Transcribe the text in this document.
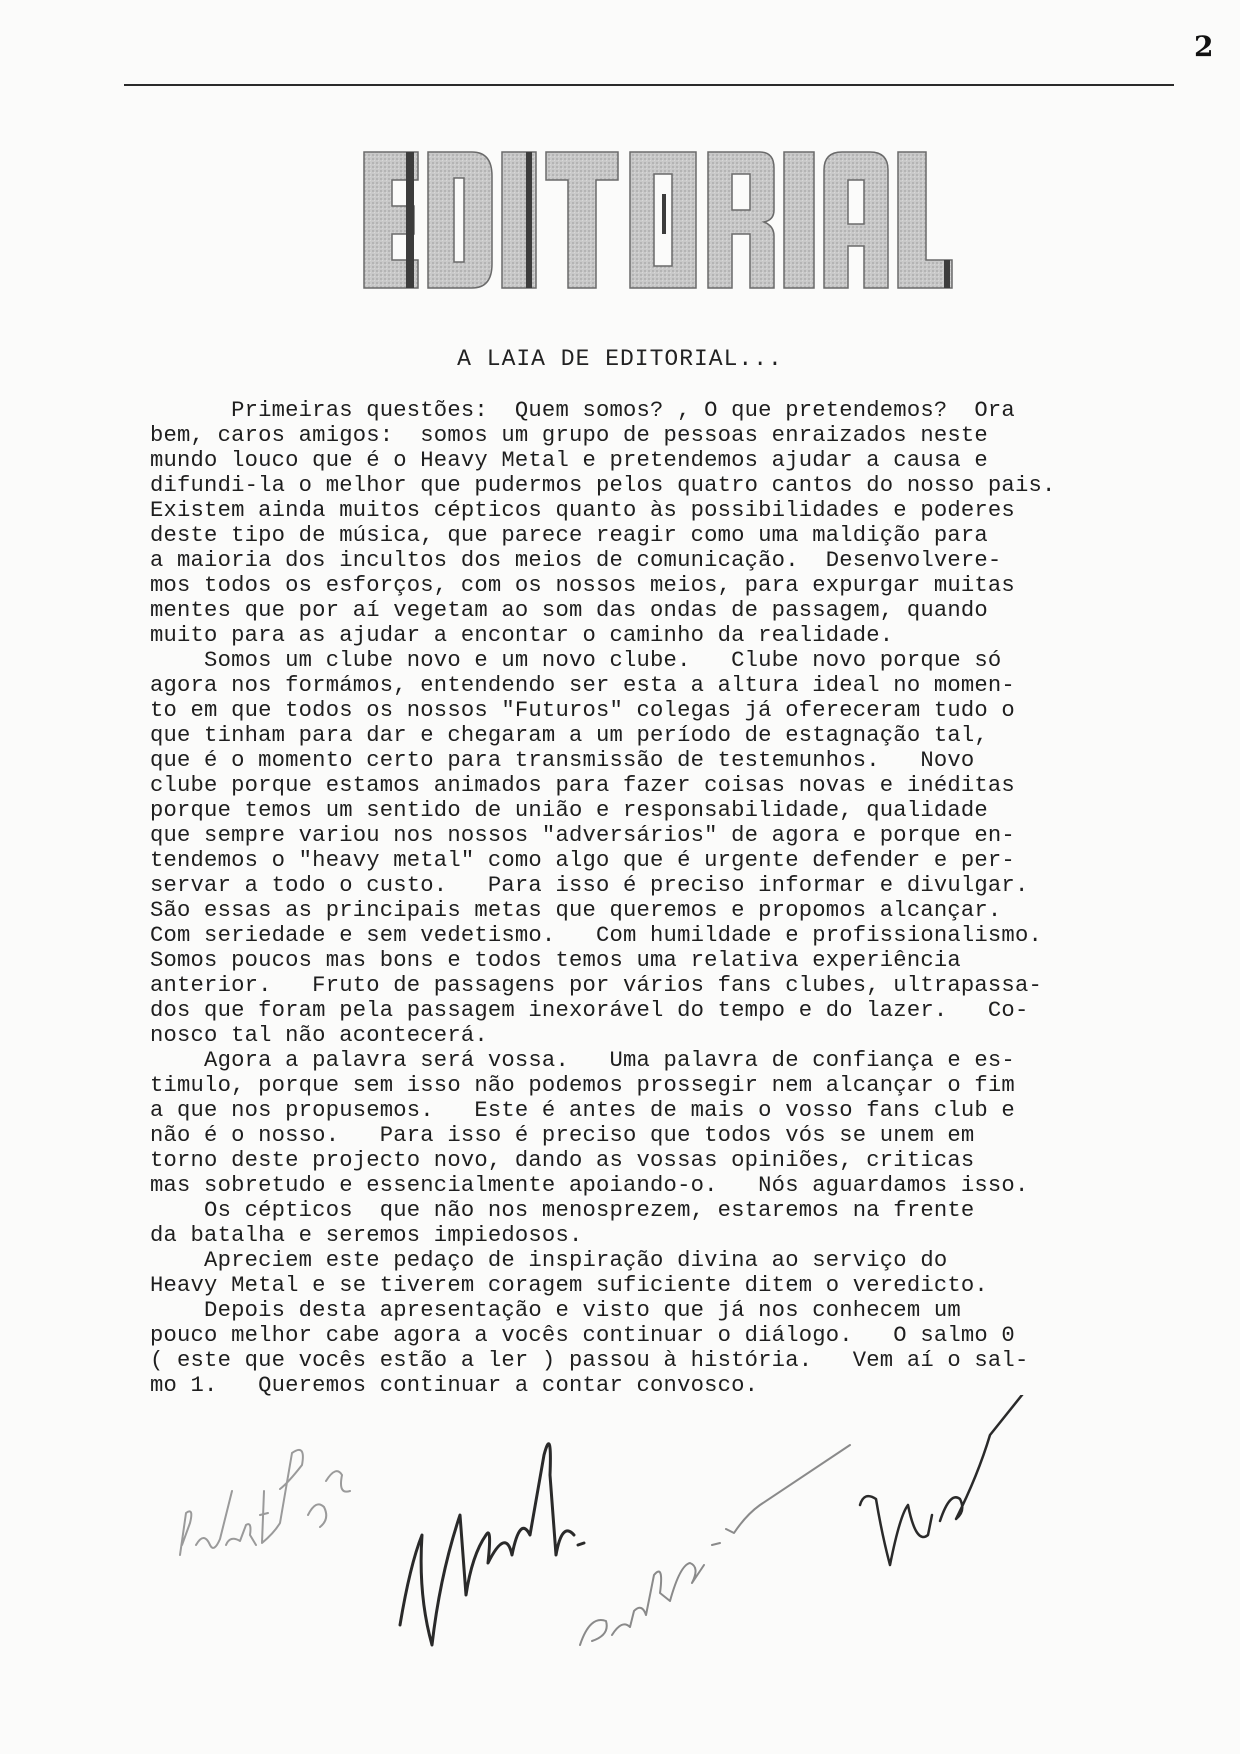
2
A LAIA DE EDITORIAL...

Primeiras questões:  Quem somos? , O que pretendemos?  Ora

bem, caros amigos:  somos um grupo de pessoas enraizados neste

mundo louco que é o Heavy Metal e pretendemos ajudar a causa e

difundi-la o melhor que pudermos pelos quatro cantos do nosso pais.

Existem ainda muitos cépticos quanto às possibilidades e poderes

deste tipo de música, que parece reagir como uma maldição para

a maioria dos incultos dos meios de comunicação.  Desenvolvere-

mos todos os esforços, com os nossos meios, para expurgar muitas

mentes que por aí vegetam ao som das ondas de passagem, quando

muito para as ajudar a encontar o caminho da realidade.

Somos um clube novo e um novo clube.   Clube novo porque só

agora nos formámos, entendendo ser esta a altura ideal no momen-

to em que todos os nossos "Futuros" colegas já ofereceram tudo o

que tinham para dar e chegaram a um período de estagnação tal,

que é o momento certo para transmissão de testemunhos.   Novo

clube porque estamos animados para fazer coisas novas e inéditas

porque temos um sentido de união e responsabilidade, qualidade

que sempre variou nos nossos "adversários" de agora e porque en-

tendemos o "heavy metal" como algo que é urgente defender e per-

servar a todo o custo.   Para isso é preciso informar e divulgar.

São essas as principais metas que queremos e propomos alcançar.

Com seriedade e sem vedetismo.   Com humildade e profissionalismo.

Somos poucos mas bons e todos temos uma relativa experiência

anterior.   Fruto de passagens por vários fans clubes, ultrapassa-

dos que foram pela passagem inexorável do tempo e do lazer.   Co-

nosco tal não acontecerá.

Agora a palavra será vossa.   Uma palavra de confiança e es-

timulo, porque sem isso não podemos prossegir nem alcançar o fim

a que nos propusemos.   Este é antes de mais o vosso fans club e

não é o nosso.   Para isso é preciso que todos vós se unem em

torno deste projecto novo, dando as vossas opiniões, criticas

mas sobretudo e essencialmente apoiando-o.   Nós aguardamos isso.

Os cépticos  que não nos menosprezem, estaremos na frente

da batalha e seremos impiedosos.

Apreciem este pedaço de inspiração divina ao serviço do

Heavy Metal e se tiverem coragem suficiente ditem o veredicto.

Depois desta apresentação e visto que já nos conhecem um

pouco melhor cabe agora a vocês continuar o diálogo.   O salmo 0

( este que vocês estão a ler ) passou à história.   Vem aí o sal-

mo 1.   Queremos continuar a contar convosco.
